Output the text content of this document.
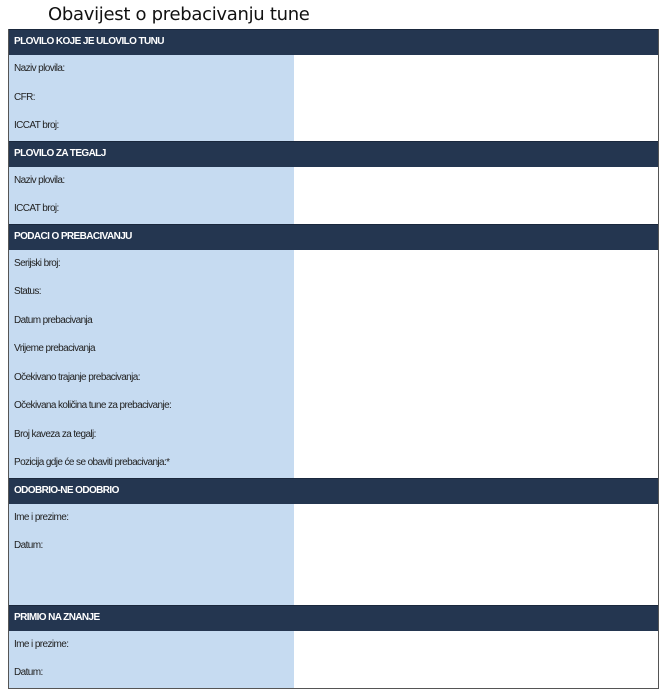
Obavijest o prebacivanju tune
PLOVILO KOJE JE ULOVILO TUNU
Naziv plovila:
CFR:
ICCAT broj:
PLOVILO ZA TEGALJ
Naziv plovila:
ICCAT broj:
PODACI O PREBACIVANJU
Serijski broj:
Status:
Datum prebacivanja
Vrijeme prebacivanja
Očekivano trajanje prebacivanja:
Očekivana količina tune za prebacivanje:
Broj kaveza za tegalj:
Pozicija gdje će se obaviti prebacivanja:*
ODOBRIO-NE ODOBRIO
Ime i prezime:
Datum:
PRIMIO NA ZNANJE
Ime i prezime:
Datum:
